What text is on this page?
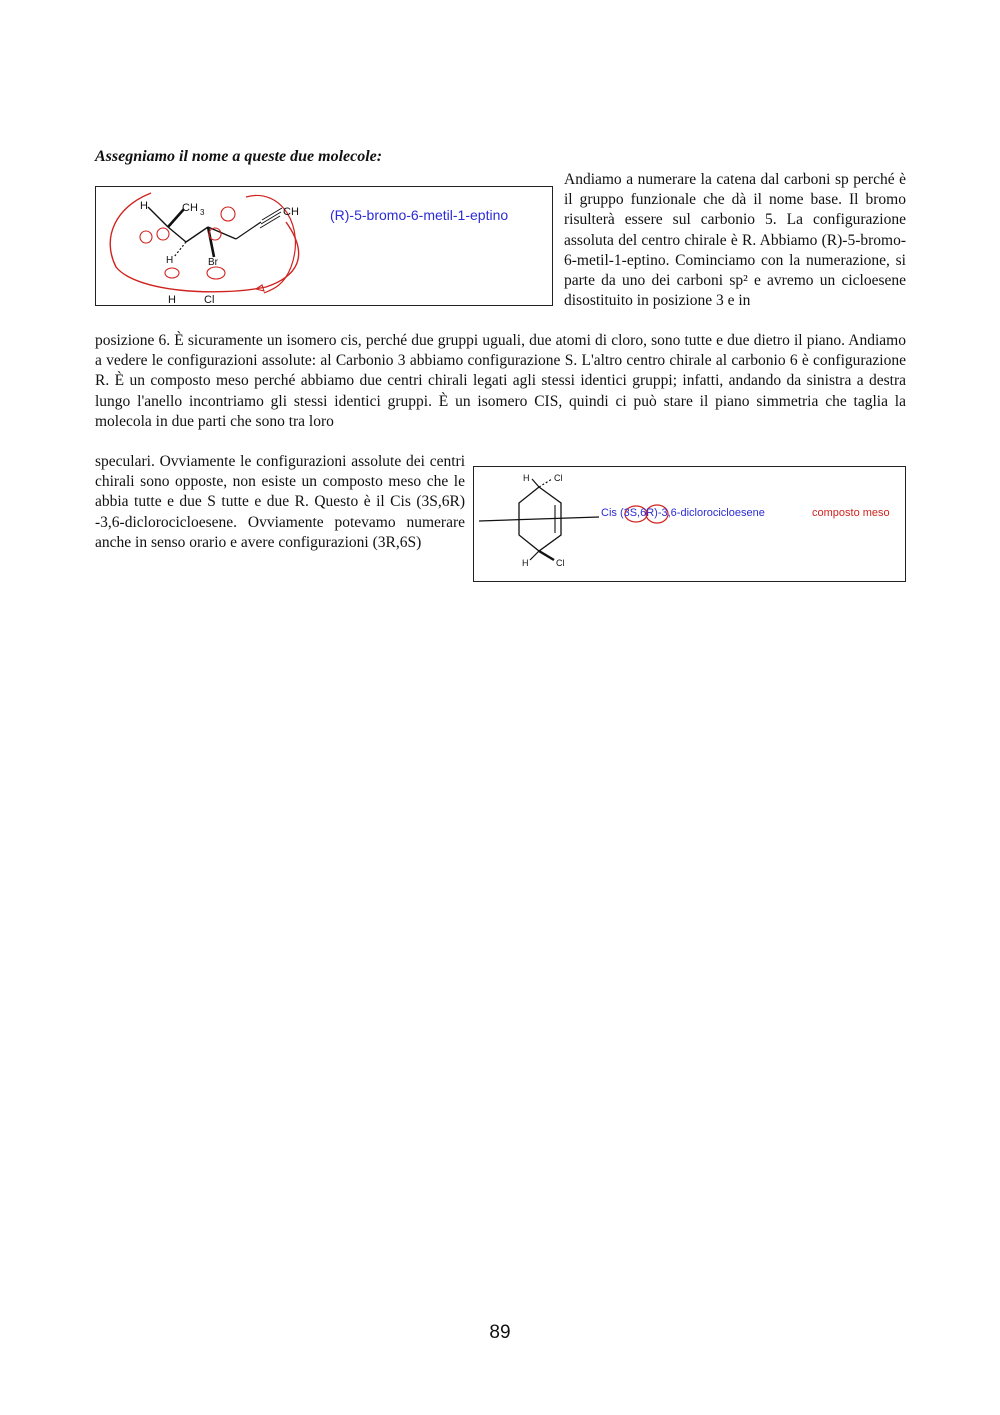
Assegniamo il nome a queste due molecole:
H	CH 3	CH
H	Br
H	Cl
(R)-5-bromo-6-metil-1-eptino
Andiamo a numerare la catena dal carboni sp perché è il gruppo funzionale che dà il nome base. Il bromo risulterà essere sul carbonio 5. La configurazione assoluta del centro chirale è R. Abbiamo (R)-5-bromo-6-metil-1-eptino. Cominciamo con la numerazione, si parte da uno dei carboni sp² e avremo un cicloesene disostituito in posizione 3 e in
posizione 6. È sicuramente un isomero cis, perché due gruppi uguali, due atomi di cloro, sono tutte e due dietro il piano. Andiamo a vedere le configurazioni assolute: al Carbonio 3 abbiamo configurazione S. L'altro centro chirale al carbonio 6 è configurazione R. È un composto meso perché abbiamo due centri chirali legati agli stessi identici gruppi; infatti, andando da sinistra a destra lungo l'anello incontriamo gli stessi identici gruppi. È un isomero CIS, quindi ci può stare il piano simmetria che taglia la molecola in due parti che sono tra loro
speculari. Ovviamente le configurazioni assolute dei centri chirali sono opposte, non esiste un composto meso che le abbia tutte e due S tutte e due R. Questo è il Cis (3S,6R) -3,6-diclorocicloesene. Ovviamente potevamo numerare anche in senso orario e avere configurazioni (3R,6S)
H	Cl
H	Cl
Cis (3S,6R)-3,6-diclorocicloesene	composto meso
89
